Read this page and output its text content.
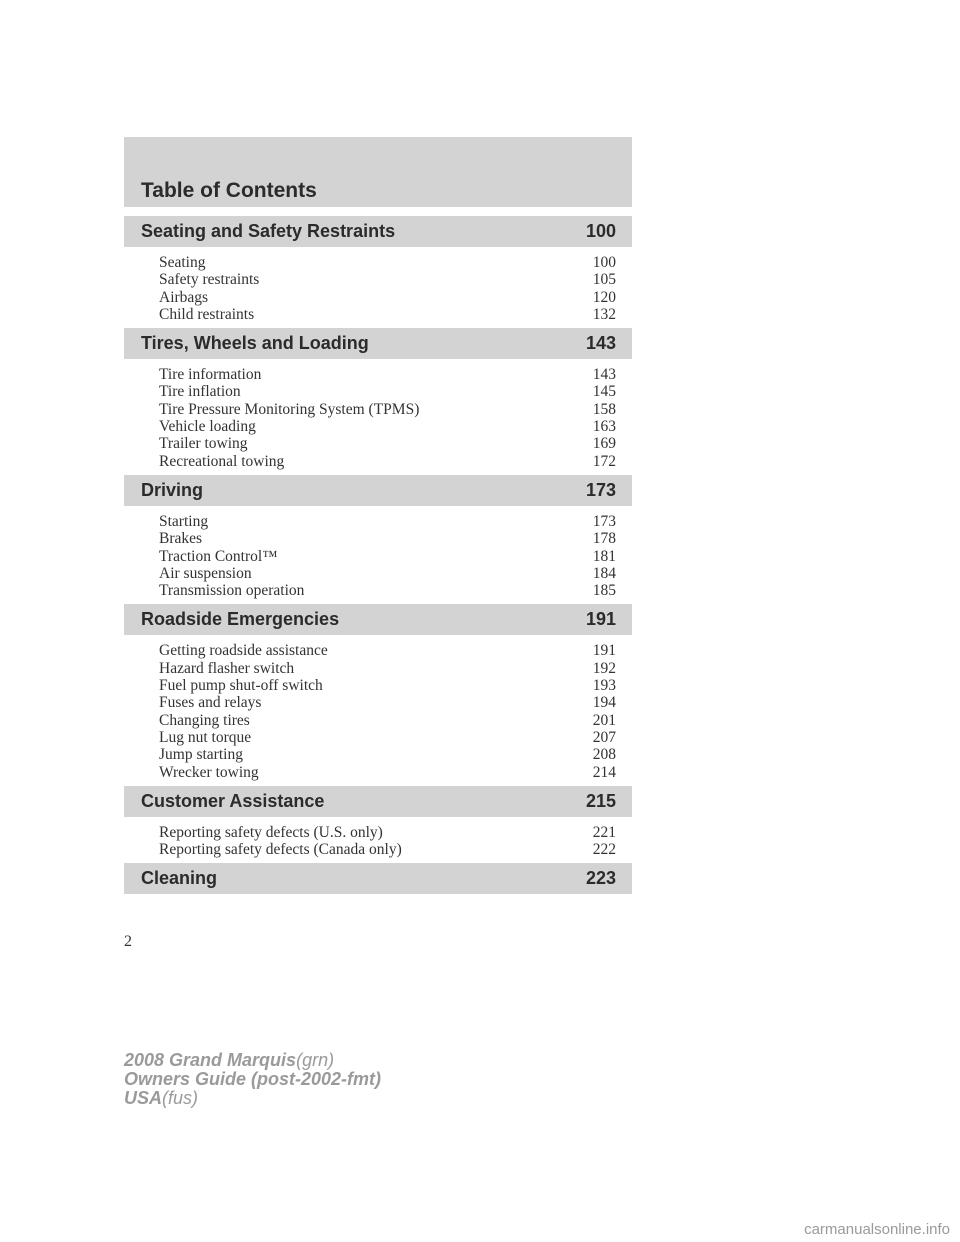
Table of Contents
Seating and Safety Restraints	100
Seating	100
Safety restraints	105
Airbags	120
Child restraints	132
Tires, Wheels and Loading	143
Tire information	143
Tire inflation	145
Tire Pressure Monitoring System (TPMS)	158
Vehicle loading	163
Trailer towing	169
Recreational towing	172
Driving	173
Starting	173
Brakes	178
Traction Control™	181
Air suspension	184
Transmission operation	185
Roadside Emergencies	191
Getting roadside assistance	191
Hazard flasher switch	192
Fuel pump shut-off switch	193
Fuses and relays	194
Changing tires	201
Lug nut torque	207
Jump starting	208
Wrecker towing	214
Customer Assistance	215
Reporting safety defects (U.S. only)	221
Reporting safety defects (Canada only)	222
Cleaning	223
2
2008 Grand Marquis(grn)
Owners Guide (post-2002-fmt)
USA(fus)
carmanualsonline.info
